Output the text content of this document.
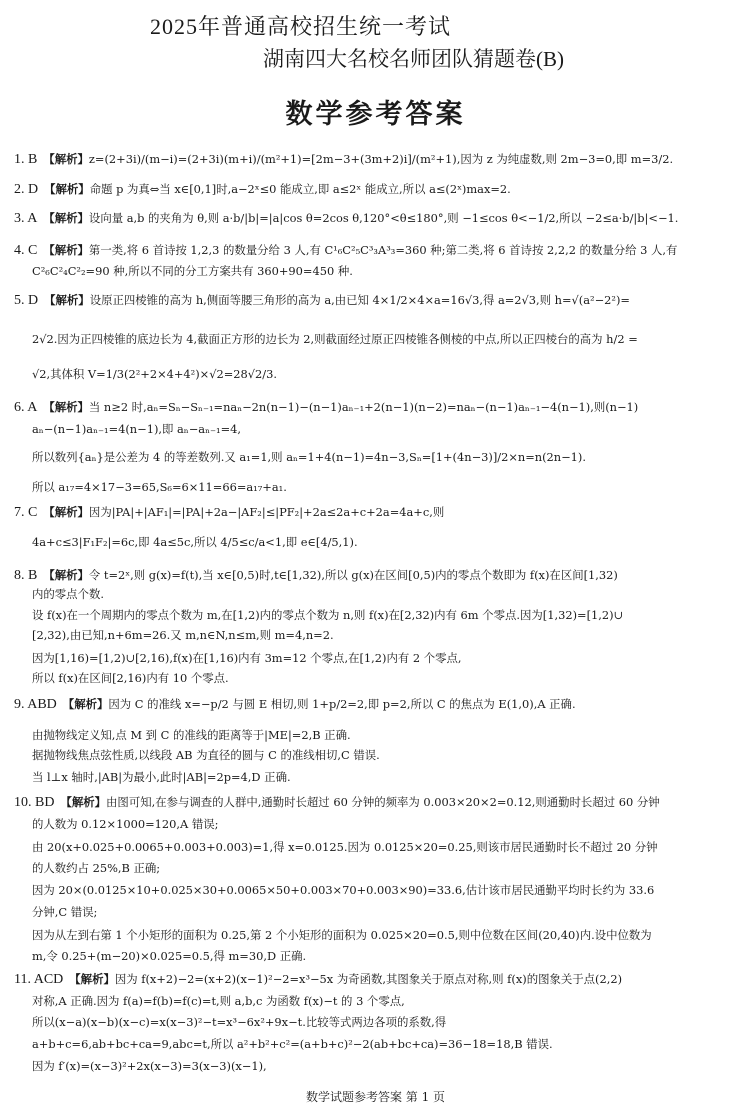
2025年普通高校招生统一考试
湖南四大名校名师团队猜题卷(B)
数学参考答案
1. B 【解析】z=(2+3i)/(m−i)=(2+3i)(m+i)/(m²+1)=[2m−3+(3m+2)i]/(m²+1),因为 z 为纯虚数,则 2m−3=0,即 m=3/2.
2. D 【解析】命题 p 为真⇔当 x∈[0,1]时,a−2ˣ≤0 能成立,即 a≤2ˣ 能成立,所以 a≤(2ˣ)max=2.
3. A 【解析】设向量 a,b 的夹角为 θ,则 a·b/|b|=|a|cos θ=2cos θ,120°<θ≤180°,则 −1≤cos θ<−1/2,所以 −2≤a·b/|b|<−1.
4. C 【解析】第一类,将 6 首诗按 1,2,3 的数量分给 3 人,有 C¹₆C²₅C³₃A³₃=360 种;第二类,将 6 首诗按 2,2,2 的数量分给 3 人,有
C²₆C²₄C²₂=90 种,所以不同的分工方案共有 360+90=450 种.
5. D 【解析】设原正四棱锥的高为 h,侧面等腰三角形的高为 a,由已知 4×1/2×4×a=16√3,得 a=2√3,则 h=√(a²−2²)=
2√2.因为正四棱锥的底边长为 4,截面正方形的边长为 2,则截面经过原正四棱锥各侧棱的中点,所以正四棱台的高为 h/2 =
√2,其体积 V=1/3(2²+2×4+4²)×√2=28√2/3.
6. A 【解析】当 n≥2 时,aₙ=Sₙ−Sₙ₋₁=naₙ−2n(n−1)−(n−1)aₙ₋₁+2(n−1)(n−2)=naₙ−(n−1)aₙ₋₁−4(n−1),则(n−1)
aₙ−(n−1)aₙ₋₁=4(n−1),即 aₙ−aₙ₋₁=4,
所以数列{aₙ}是公差为 4 的等差数列.又 a₁=1,则 aₙ=1+4(n−1)=4n−3,Sₙ=[1+(4n−3)]/2×n=n(2n−1).
所以 a₁₇=4×17−3=65,S₆=6×11=66=a₁₇+a₁.
7. C 【解析】因为|PA|+|AF₁|=|PA|+2a−|AF₂|≤|PF₂|+2a≤2a+c+2a=4a+c,则
4a+c≤3|F₁F₂|=6c,即 4a≤5c,所以 4/5≤c/a<1,即 e∈[4/5,1).
8. B 【解析】令 t=2ˣ,则 g(x)=f(t),当 x∈[0,5)时,t∈[1,32),所以 g(x)在区间[0,5)内的零点个数即为 f(x)在区间[1,32)
内的零点个数.
设 f(x)在一个周期内的零点个数为 m,在[1,2)内的零点个数为 n,则 f(x)在[2,32)内有 6m 个零点.因为[1,32)=[1,2)∪
[2,32),由已知,n+6m=26.又 m,n∈N,n≤m,则 m=4,n=2.
因为[1,16)=[1,2)∪[2,16),f(x)在[1,16)内有 3m=12 个零点,在[1,2)内有 2 个零点,
所以 f(x)在区间[2,16)内有 10 个零点.
9. ABD 【解析】因为 C 的准线 x=−p/2 与圆 E 相切,则 1+p/2=2,即 p=2,所以 C 的焦点为 E(1,0),A 正确.
由抛物线定义知,点 M 到 C 的准线的距离等于|ME|=2,B 正确.
据抛物线焦点弦性质,以线段 AB 为直径的圆与 C 的准线相切,C 错误.
当 l⊥x 轴时,|AB|为最小,此时|AB|=2p=4,D 正确.
10. BD 【解析】由图可知,在参与调查的人群中,通勤时长超过 60 分钟的频率为 0.003×20×2=0.12,则通勤时长超过 60 分钟
的人数为 0.12×1000=120,A 错误;
由 20(x+0.025+0.0065+0.003+0.003)=1,得 x=0.0125.因为 0.0125×20=0.25,则该市居民通勤时长不超过 20 分钟
的人数约占 25%,B 正确;
因为 20×(0.0125×10+0.025×30+0.0065×50+0.003×70+0.003×90)=33.6,估计该市居民通勤平均时长约为 33.6
分钟,C 错误;
因为从左到右第 1 个小矩形的面积为 0.25,第 2 个小矩形的面积为 0.025×20=0.5,则中位数在区间(20,40)内.设中位数为
m,令 0.25+(m−20)×0.025=0.5,得 m=30,D 正确.
11. ACD 【解析】因为 f(x+2)−2=(x+2)(x−1)²−2=x³−5x 为奇函数,其图象关于原点对称,则 f(x)的图象关于点(2,2)
对称,A 正确.因为 f(a)=f(b)=f(c)=t,则 a,b,c 为函数 f(x)−t 的 3 个零点,
所以(x−a)(x−b)(x−c)=x(x−3)²−t=x³−6x²+9x−t.比较等式两边各项的系数,得
a+b+c=6,ab+bc+ca=9,abc=t,所以 a²+b²+c²=(a+b+c)²−2(ab+bc+ca)=36−18=18,B 错误.
因为 f′(x)=(x−3)²+2x(x−3)=3(x−3)(x−1),
数学试题参考答案 第 1 页
